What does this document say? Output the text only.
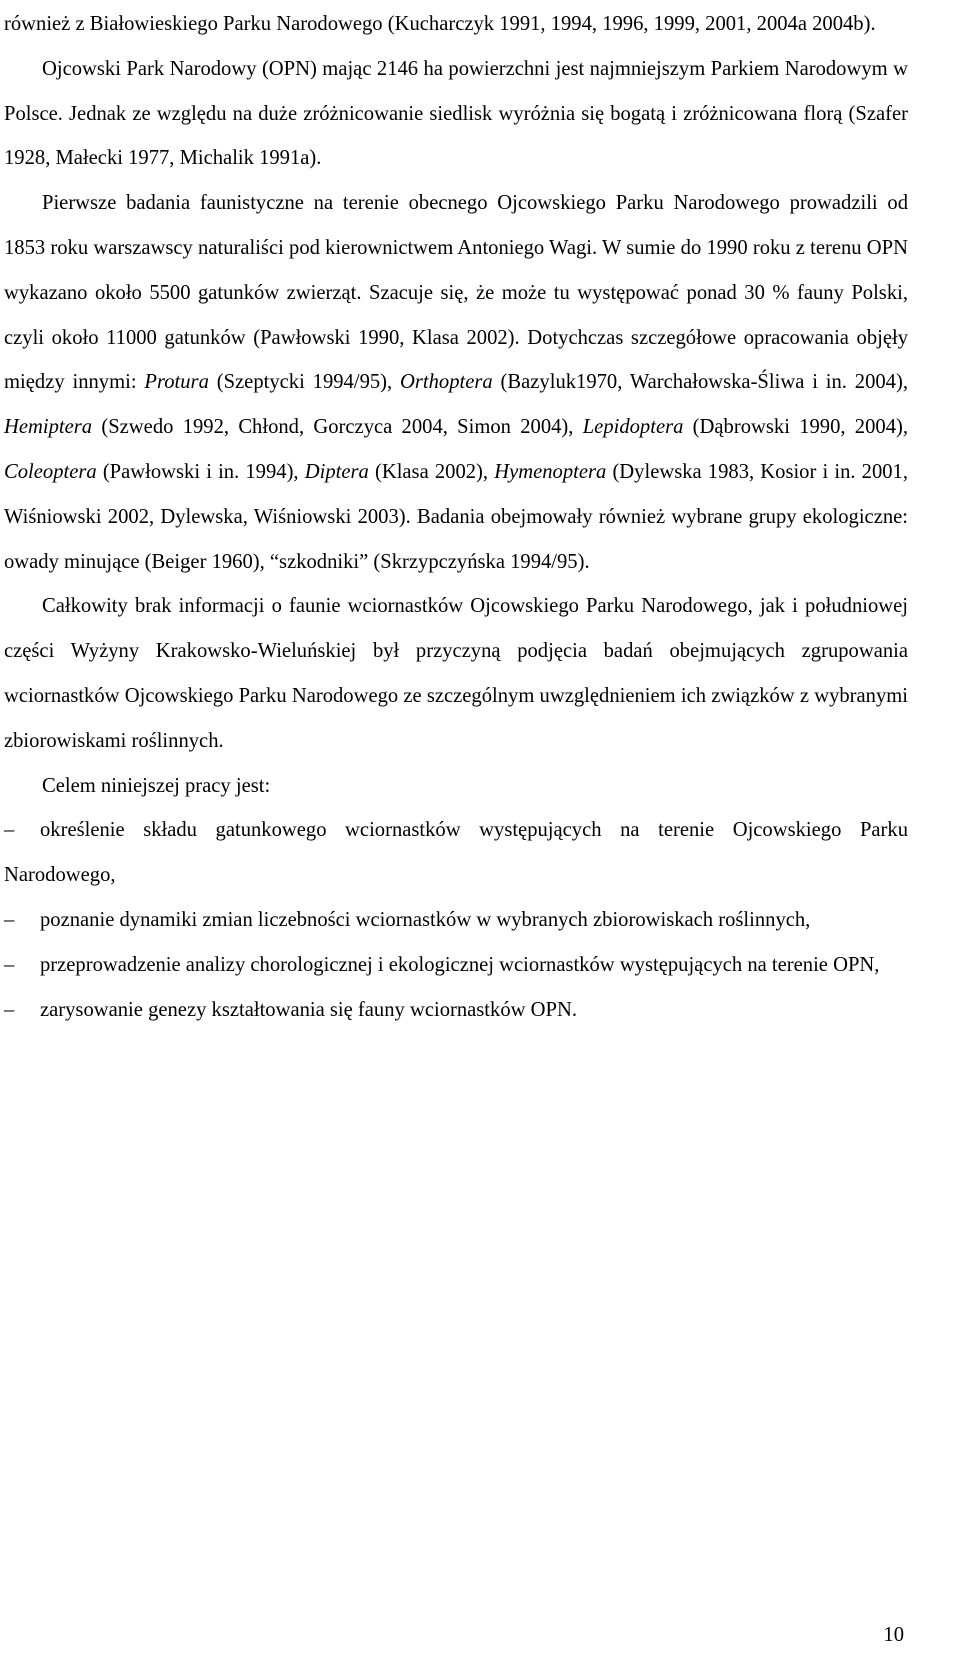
również z Białowieskiego Parku Narodowego (Kucharczyk 1991, 1994, 1996, 1999, 2001, 2004a 2004b).

Ojcowski Park Narodowy (OPN) mając 2146 ha powierzchni jest najmniejszym Parkiem Narodowym w Polsce. Jednak ze względu na duże zróżnicowanie siedlisk wyróżnia się bogatą i zróżnicowana florą (Szafer 1928, Małecki 1977, Michalik 1991a).

Pierwsze badania faunistyczne na terenie obecnego Ojcowskiego Parku Narodowego prowadzili od 1853 roku warszawscy naturaliści pod kierownictwem Antoniego Wagi. W sumie do 1990 roku z terenu OPN wykazano około 5500 gatunków zwierząt. Szacuje się, że może tu występować ponad 30 % fauny Polski, czyli około 11000 gatunków (Pawłowski 1990, Klasa 2002). Dotychczas szczegółowe opracowania objęły między innymi: Protura (Szeptycki 1994/95), Orthoptera (Bazyluk1970, Warchałowska-Śliwa i in. 2004), Hemiptera (Szwedo 1992, Chłond, Gorczyca 2004, Simon 2004), Lepidoptera (Dąbrowski 1990, 2004), Coleoptera (Pawłowski i in. 1994), Diptera (Klasa 2002), Hymenoptera (Dylewska 1983, Kosior i in. 2001, Wiśniowski 2002, Dylewska, Wiśniowski 2003). Badania obejmowały również wybrane grupy ekologiczne: owady minujące (Beiger 1960), “szkodniki” (Skrzypczyńska 1994/95).

Całkowity brak informacji o faunie wciornastków Ojcowskiego Parku Narodowego, jak i południowej części Wyżyny Krakowsko-Wieluńskiej był przyczyną podjęcia badań obejmujących zgrupowania wciornastków Ojcowskiego Parku Narodowego ze szczególnym uwzględnieniem ich związków z wybranymi zbiorowiskami roślinnych.

Celem niniejszej pracy jest:

– określenie składu gatunkowego wciornastków występujących na terenie Ojcowskiego Parku Narodowego,

– poznanie dynamiki zmian liczebności wciornastków w wybranych zbiorowiskach roślinnych,

– przeprowadzenie analizy chorologicznej i ekologicznej wciornastków występujących na terenie OPN,

– zarysowanie genezy kształtowania się fauny wciornastków OPN.

10
